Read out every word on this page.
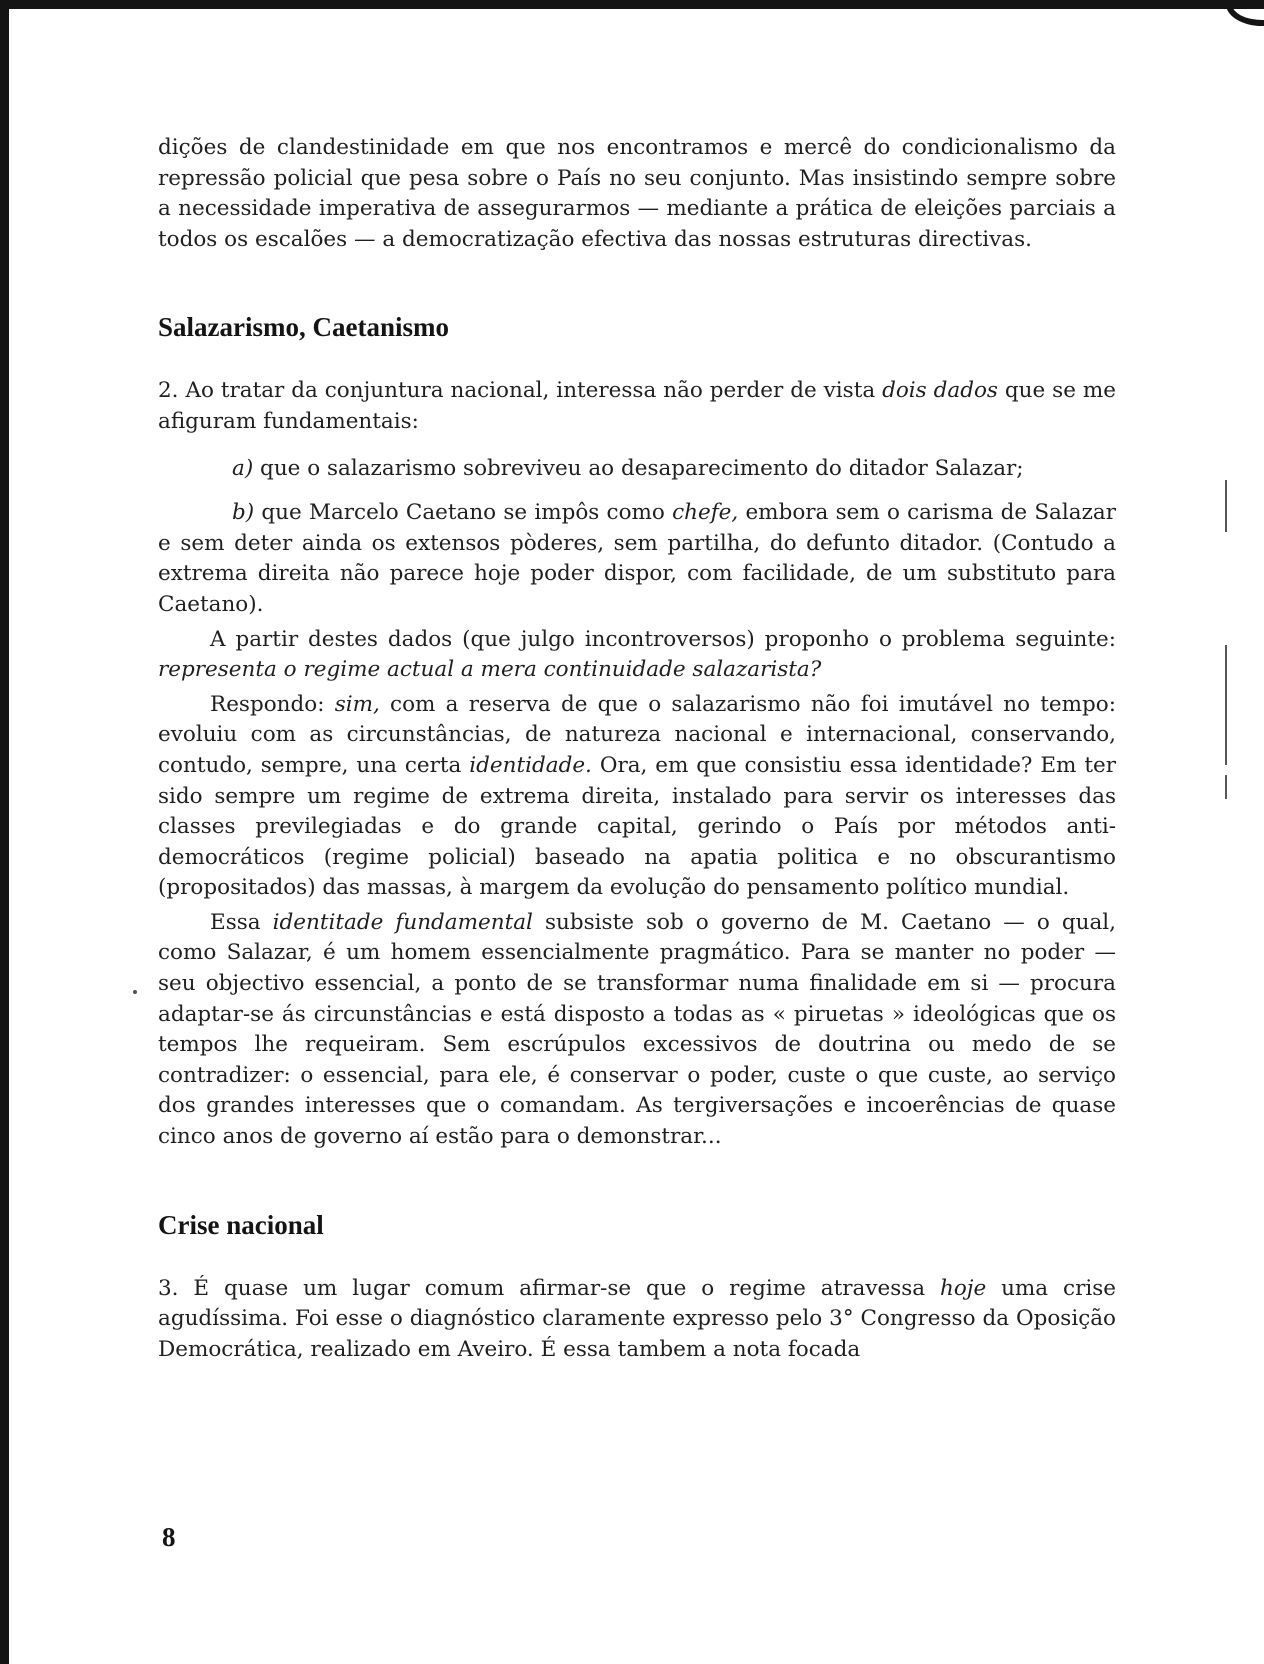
dições de clandestinidade em que nos encontramos e mercê do condicionalismo da repressão policial que pesa sobre o País no seu conjunto. Mas insistindo sempre sobre a necessidade imperativa de assegurarmos — mediante a prática de eleições parciais a todos os escalões — a democratização efectiva das nossas estruturas directivas.

Salazarismo, Caetanismo

2. Ao tratar da conjuntura nacional, interessa não perder de vista dois dados que se me afiguram fundamentais:

a) que o salazarismo sobreviveu ao desaparecimento do ditador Salazar;

b) que Marcelo Caetano se impôs como chefe, embora sem o carisma de Salazar e sem deter ainda os extensos pòderes, sem partilha, do defunto ditador. (Contudo a extrema direita não parece hoje poder dispor, com facilidade, de um substituto para Caetano).

A partir destes dados (que julgo incontroversos) proponho o problema seguinte: representa o regime actual a mera continuidade salazarista?

Respondo: sim, com a reserva de que o salazarismo não foi imutável no tempo: evoluiu com as circunstâncias, de natureza nacional e internacional, conservando, contudo, sempre, una certa identidade. Ora, em que consistiu essa identidade? Em ter sido sempre um regime de extrema direita, instalado para servir os interesses das classes previlegiadas e do grande capital, gerindo o País por métodos anti-democráticos (regime policial) baseado na apatia politica e no obscurantismo (propositados) das massas, à margem da evolução do pensamento político mundial.

Essa identitade fundamental subsiste sob o governo de M. Caetano — o qual, como Salazar, é um homem essencialmente pragmático. Para se manter no poder — seu objectivo essencial, a ponto de se transformar numa finalidade em si — procura adaptar-se ás circunstâncias e está disposto a todas as « piruetas » ideológicas que os tempos lhe requeiram. Sem escrúpulos excessivos de doutrina ou medo de se contradizer: o essencial, para ele, é conservar o poder, custe o que custe, ao serviço dos grandes interesses que o comandam. As tergiversações e incoerências de quase cinco anos de governo aí estão para o demonstrar...

Crise nacional

3. É quase um lugar comum afirmar-se que o regime atravessa hoje uma crise agudíssima. Foi esse o diagnóstico claramente expresso pelo 3° Congresso da Oposição Democrática, realizado em Aveiro. É essa tambem a nota focada

8
